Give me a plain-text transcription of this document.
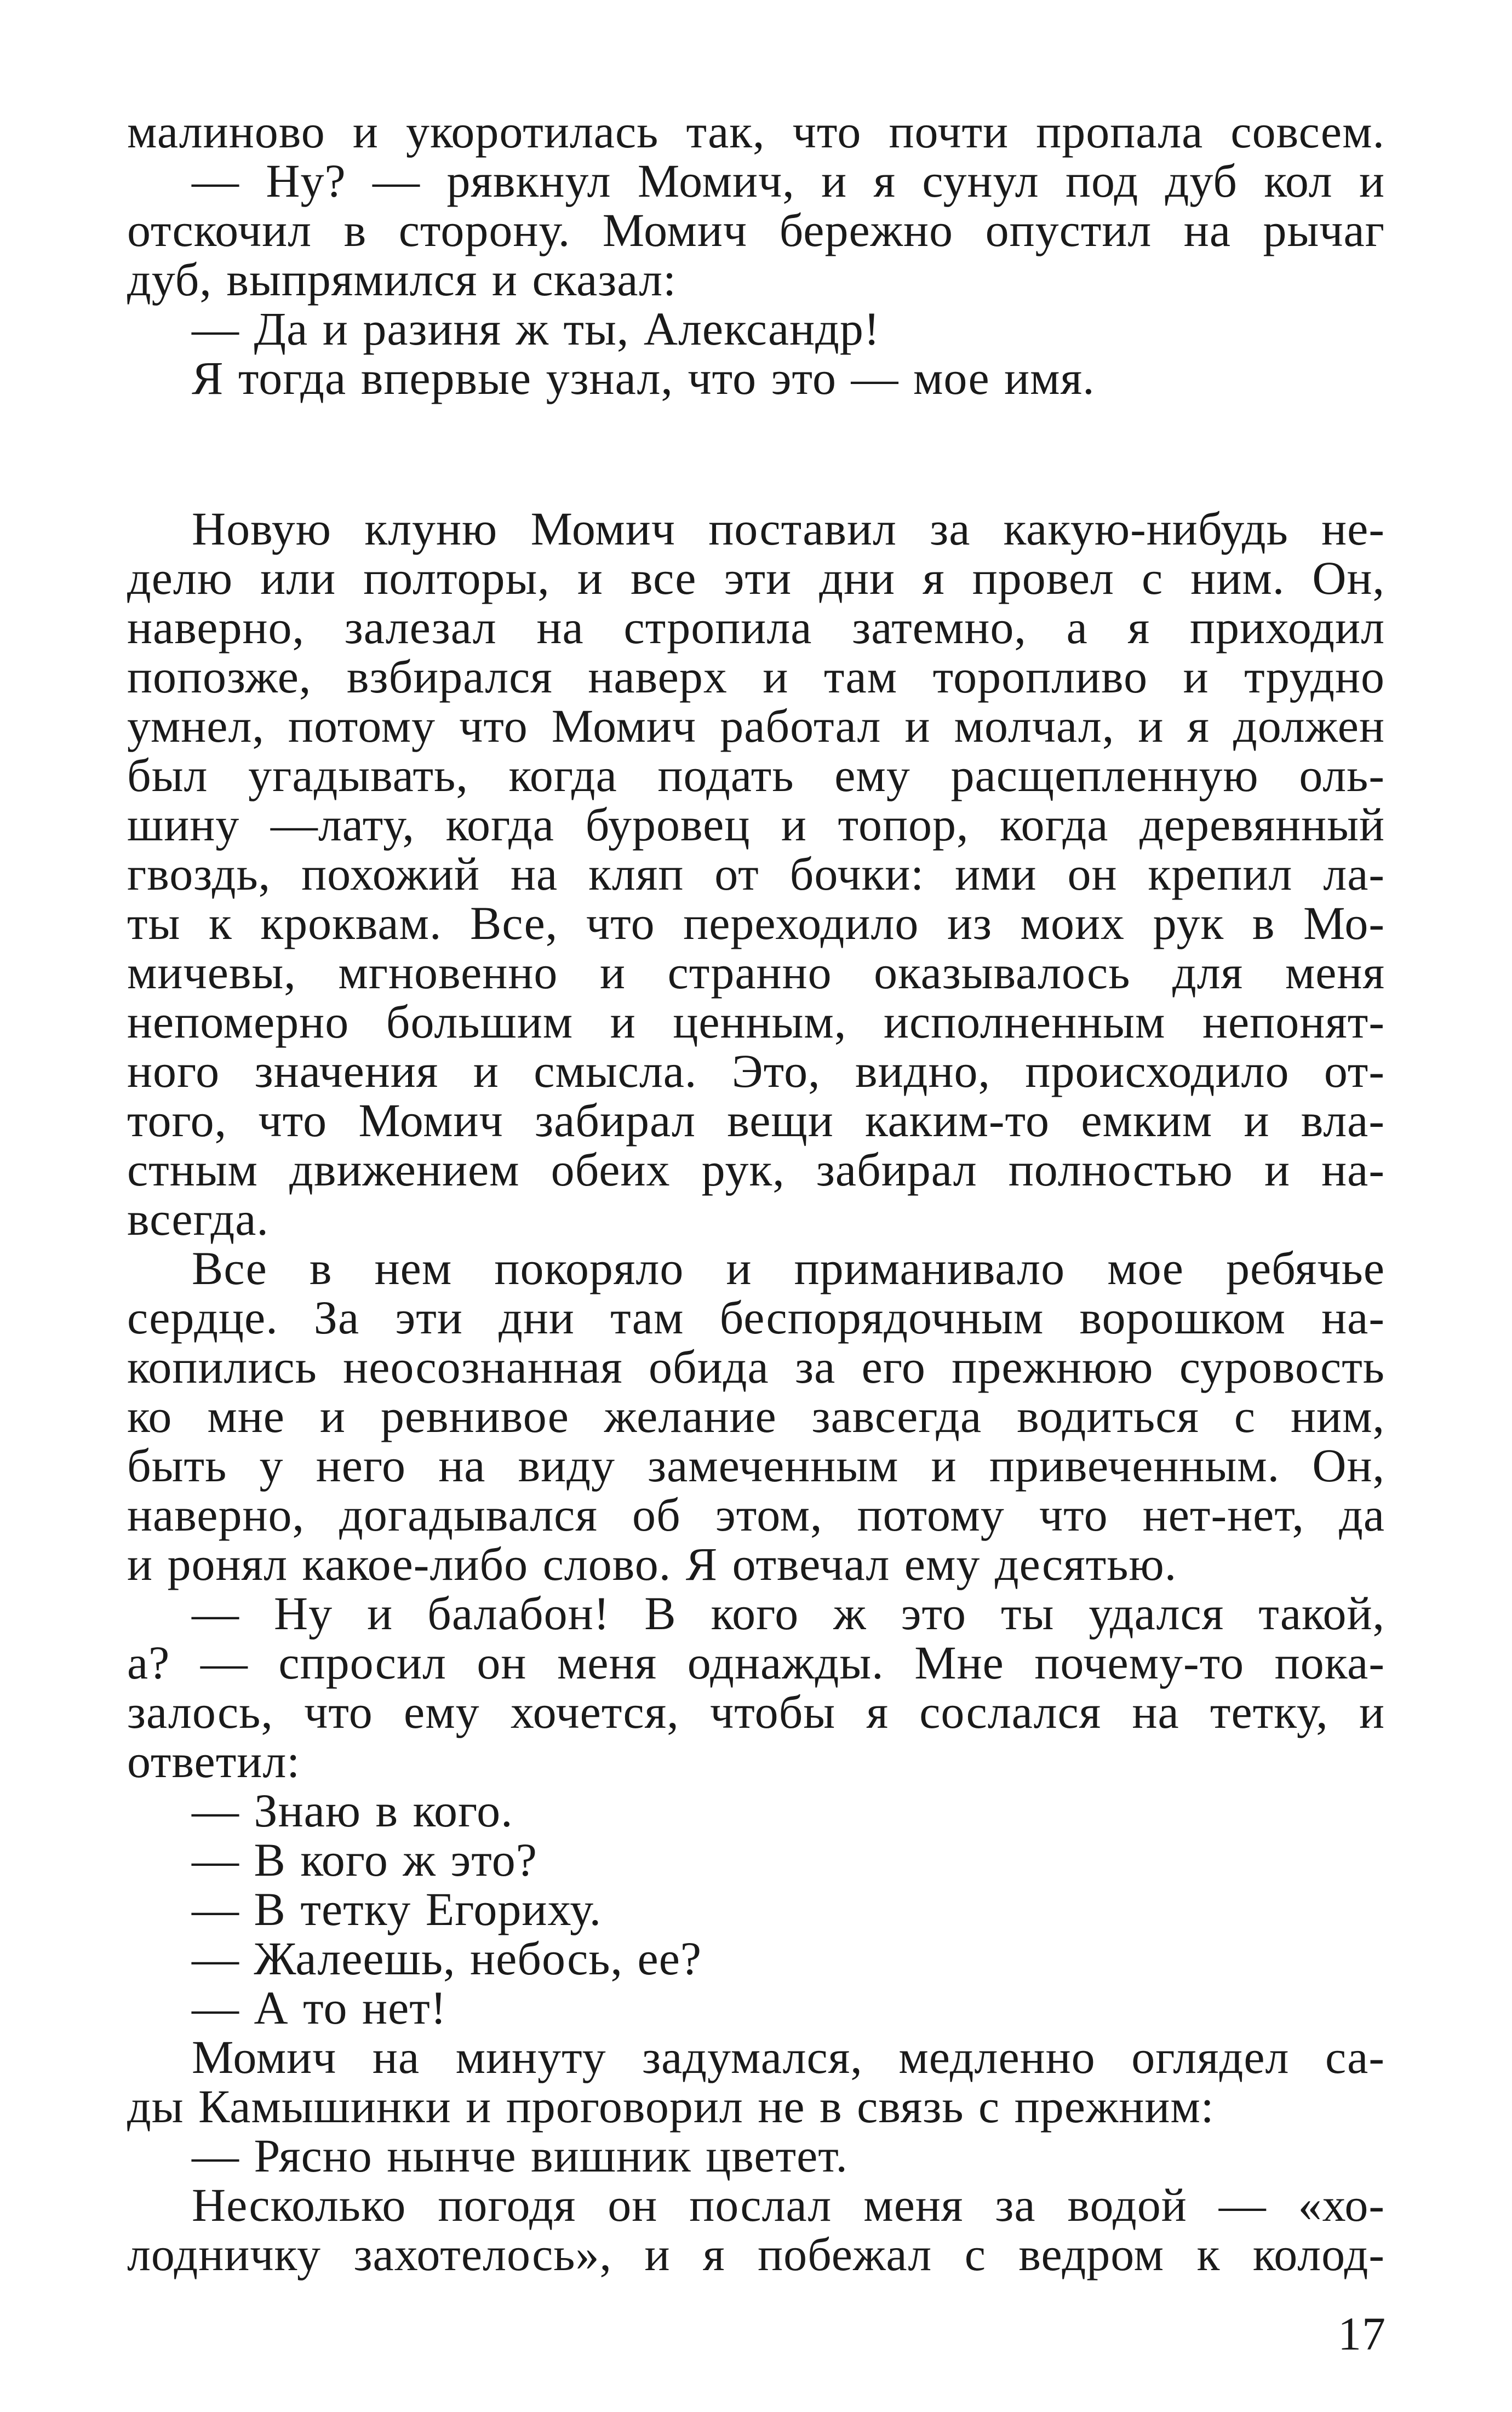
малиново и укоротилась так, что почти пропала совсем.
— Ну? — рявкнул Момич, и я сунул под дуб кол и
отскочил в сторону. Момич бережно опустил на рычаг
дуб, выпрямился и сказал:
— Да и разиня ж ты, Александр!
Я тогда впервые узнал, что это — мое имя.
Новую клуню Момич поставил за какую-нибудь не-
делю или полторы, и все эти дни я провел с ним. Он,
наверно, залезал на стропила затемно, а я приходил
попозже, взбирался наверх и там торопливо и трудно
умнел, потому что Момич работал и молчал, и я должен
был угадывать, когда подать ему расщепленную оль-
шину —лату, когда буровец и топор, когда деревянный
гвоздь, похожий на кляп от бочки: ими он крепил ла-
ты к кроквам. Все, что переходило из моих рук в Мо-
мичевы, мгновенно и странно оказывалось для меня
непомерно большим и ценным, исполненным непонят-
ного значения и смысла. Это, видно, происходило от-
того, что Момич забирал вещи каким-то емким и вла-
стным движением обеих рук, забирал полностью и на-
всегда.
Все в нем покоряло и приманивало мое ребячье
сердце. За эти дни там беспорядочным ворошком на-
копились неосознанная обида за его прежнюю суровость
ко мне и ревнивое желание завсегда водиться с ним,
быть у него на виду замеченным и привеченным. Он,
наверно, догадывался об этом, потому что нет-нет, да
и ронял какое-либо слово. Я отвечал ему десятью.
— Ну и балабон! В кого ж это ты удался такой,
а? — спросил он меня однажды. Мне почему-то пока-
залось, что ему хочется, чтобы я сослался на тетку, и
ответил:
— Знаю в кого.
— В кого ж это?
— В тетку Егориху.
— Жалеешь, небось, ее?
— А то нет!
Момич на минуту задумался, медленно оглядел са-
ды Камышинки и проговорил не в связь с прежним:
— Рясно нынче вишник цветет.
Несколько погодя он послал меня за водой — «хо-
лодничку захотелось», и я побежал с ведром к колод-
17
